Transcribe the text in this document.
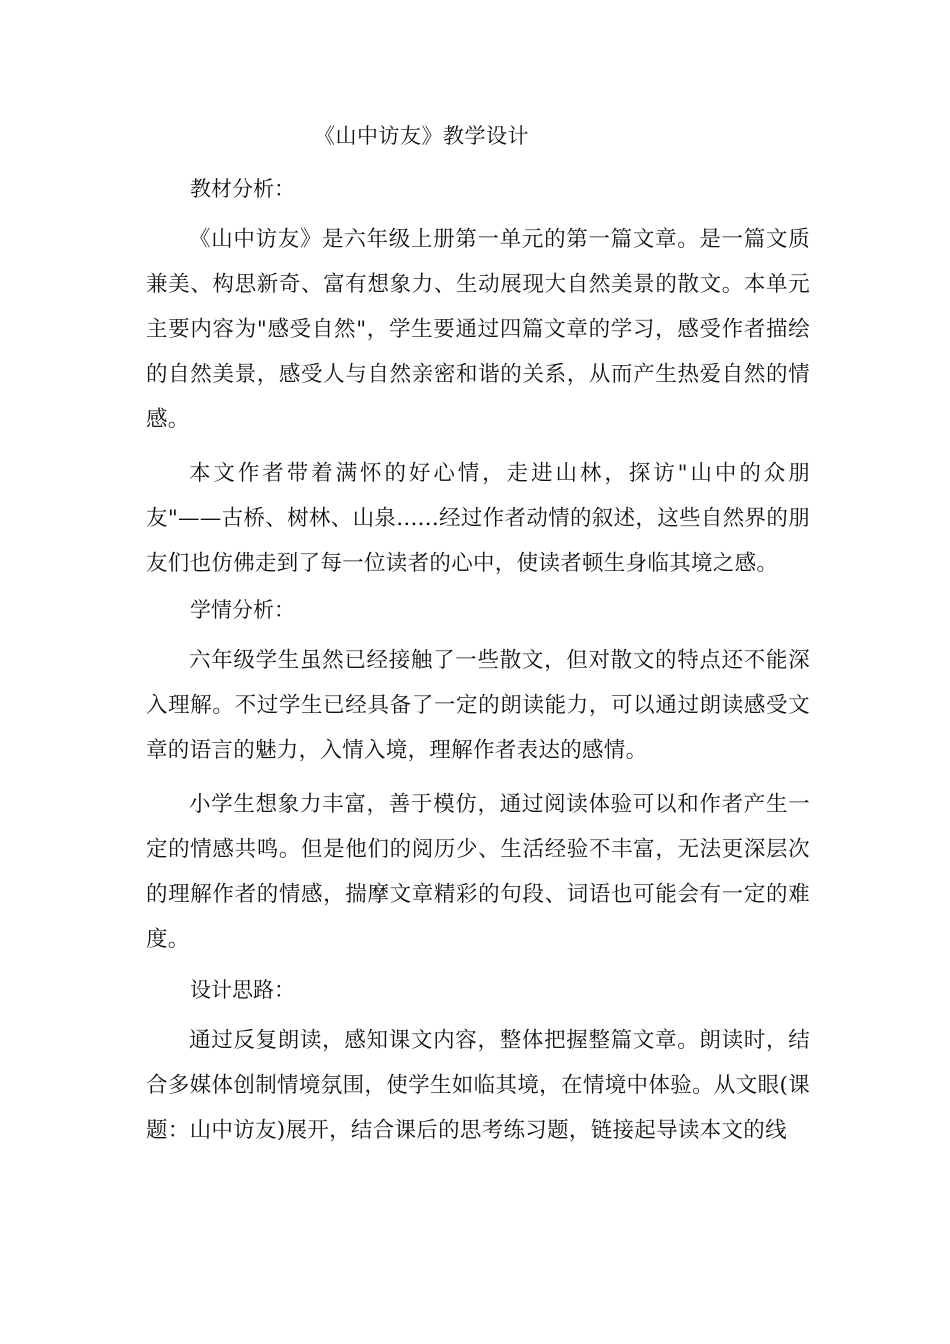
《山中访友》教学设计
教材分析：

《山中访友》是六年级上册第一单元的第一篇文章。是一篇文质兼美、构思新奇、富有想象力、生动展现大自然美景的散文。本单元主要内容为"感受自然"，学生要通过四篇文章的学习，感受作者描绘的自然美景，感受人与自然亲密和谐的关系，从而产生热爱自然的情感。

本文作者带着满怀的好心情，走进山林，探访"山中的众朋友"——古桥、树林、山泉......经过作者动情的叙述，这些自然界的朋友们也仿佛走到了每一位读者的心中，使读者顿生身临其境之感。

学情分析：

六年级学生虽然已经接触了一些散文，但对散文的特点还不能深入理解。不过学生已经具备了一定的朗读能力，可以通过朗读感受文章的语言的魅力，入情入境，理解作者表达的感情。

小学生想象力丰富，善于模仿，通过阅读体验可以和作者产生一定的情感共鸣。但是他们的阅历少、生活经验不丰富，无法更深层次的理解作者的情感，揣摩文章精彩的句段、词语也可能会有一定的难度。

设计思路：

通过反复朗读，感知课文内容，整体把握整篇文章。朗读时，结合多媒体创制情境氛围，使学生如临其境，在情境中体验。从文眼(课题：山中访友)展开，结合课后的思考练习题，链接起导读本文的线
